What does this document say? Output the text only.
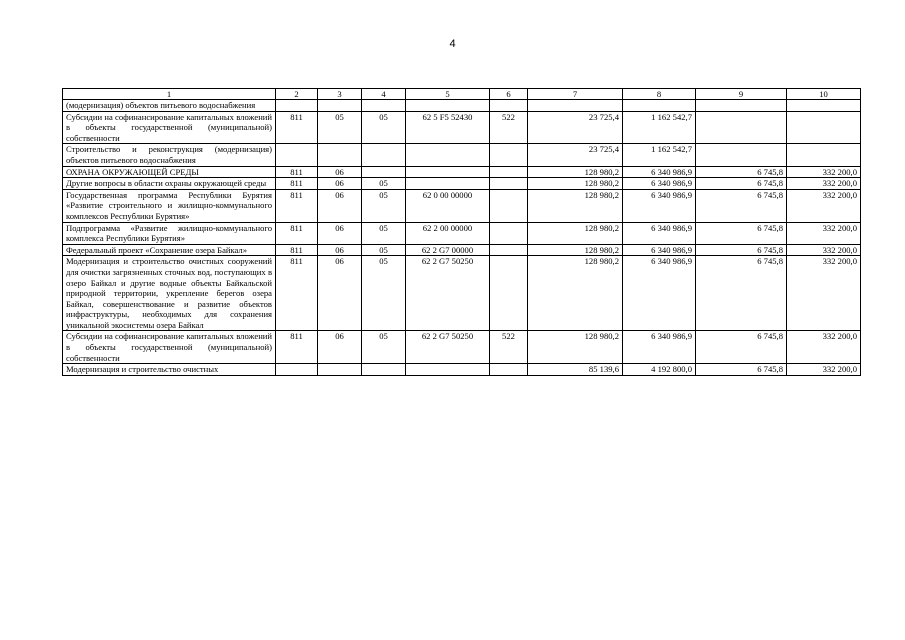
4
1	2	3	4	5	6	7	8	9	10
(модернизация) объектов питьевого водоснабжения									
Субсидии на софинансирование капитальных вложений в объекты государственной (муниципальной) собственности	811	05	05	62 5 F5 52430	522	23 725,4	1 162 542,7		
Строительство и реконструкция (модернизация) объектов питьевого водоснабжения						23 725,4	1 162 542,7		
ОХРАНА ОКРУЖАЮЩЕЙ СРЕДЫ	811	06				128 980,2	6 340 986,9	6 745,8	332 200,0
Другие вопросы в области охраны окружающей среды	811	06	05			128 980,2	6 340 986,9	6 745,8	332 200,0
Государственная программа Республики Бурятия «Развитие строительного и жилищно-коммунального комплексов Республики Бурятия»	811	06	05	62 0 00 00000		128 980,2	6 340 986,9	6 745,8	332 200,0
Подпрограмма «Развитие жилищно-коммунального комплекса Республики Бурятия»	811	06	05	62 2 00 00000		128 980,2	6 340 986,9	6 745,8	332 200,0
Федеральный проект «Сохранение озера Байкал»	811	06	05	62 2 G7 00000		128 980,2	6 340 986,9	6 745,8	332 200,0
Модернизация и строительство очистных сооружений для очистки загрязненных сточных вод, поступающих в озеро Байкал и другие водные объекты Байкальской природной территории, укрепление берегов озера Байкал, совершенствование и развитие объектов инфраструктуры, необходимых для сохранения уникальной экосистемы озера Байкал	811	06	05	62 2 G7 50250		128 980,2	6 340 986,9	6 745,8	332 200,0
Субсидии на софинансирование капитальных вложений в объекты государственной (муниципальной) собственности	811	06	05	62 2 G7 50250	522	128 980,2	6 340 986,9	6 745,8	332 200,0
Модернизация и строительство очистных						85 139,6	4 192 800,0	6 745,8	332 200,0
